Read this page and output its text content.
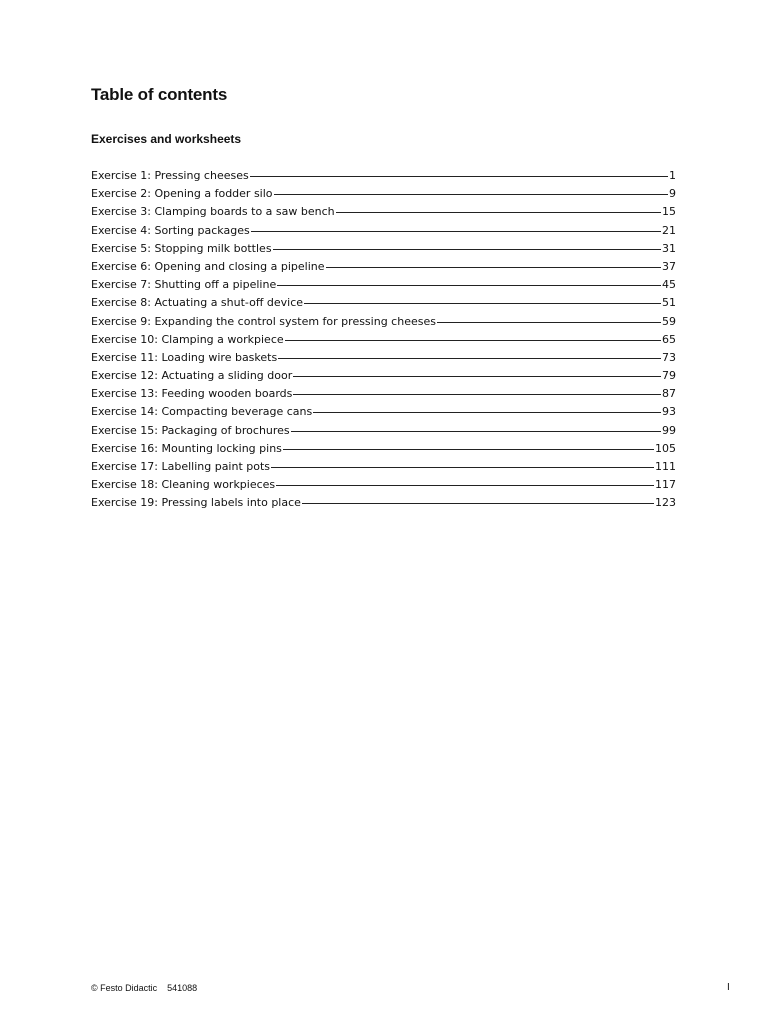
Table of contents
Exercises and worksheets
Exercise 1: Pressing cheeses	1
Exercise 2: Opening a fodder silo	9
Exercise 3: Clamping boards to a saw bench	15
Exercise 4: Sorting packages	21
Exercise 5: Stopping milk bottles	31
Exercise 6: Opening and closing a pipeline	37
Exercise 7: Shutting off a pipeline	45
Exercise 8: Actuating a shut-off device	51
Exercise 9: Expanding the control system for pressing cheeses	59
Exercise 10: Clamping a workpiece	65
Exercise 11: Loading wire baskets	73
Exercise 12: Actuating a sliding door	79
Exercise 13: Feeding wooden boards	87
Exercise 14: Compacting beverage cans	93
Exercise 15: Packaging of brochures	99
Exercise 16: Mounting locking pins	105
Exercise 17: Labelling paint pots	111
Exercise 18: Cleaning workpieces	117
Exercise 19: Pressing labels into place	123
© Festo Didactic 541088	I
